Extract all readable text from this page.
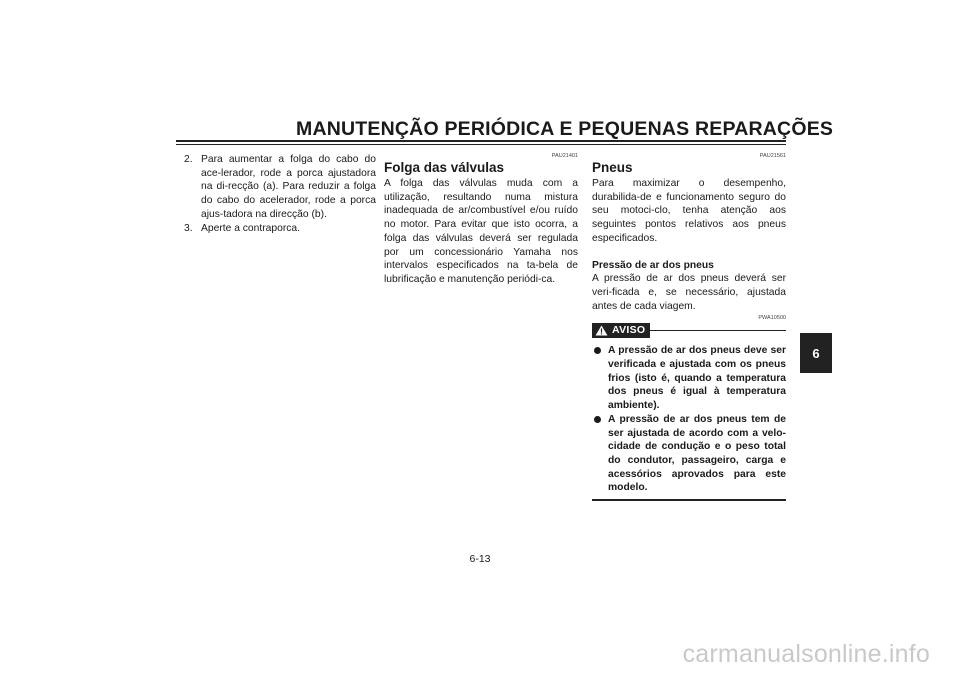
MANUTENÇÃO PERIÓDICA E PEQUENAS REPARAÇÕES
6
2. Para aumentar a folga do cabo do ace-lerador, rode a porca ajustadora na di-recção (a). Para reduzir a folga do cabo do acelerador, rode a porca ajus-tadora na direcção (b).
3. Aperte a contraporca.
PAU21401
Folga das válvulas

A folga das válvulas muda com a utilização, resultando numa mistura inadequada de ar/combustível e/ou ruído no motor. Para evitar que isto ocorra, a folga das válvulas deverá ser regulada por um concessionário Yamaha nos intervalos especificados na ta-bela de lubrificação e manutenção periódi-ca.

PAU21561
Pneus

Para maximizar o desempenho, durabilida-de e funcionamento seguro do seu motoci-clo, tenha atenção aos seguintes pontos relativos aos pneus especificados.

Pressão de ar dos pneus

A pressão de ar dos pneus deverá ser veri-ficada e, se necessário, ajustada antes de cada viagem.

PWA10500
AVISO
A pressão de ar dos pneus deve ser verificada e ajustada com os pneus frios (isto é, quando a temperatura dos pneus é igual à temperatura ambiente).
A pressão de ar dos pneus tem de ser ajustada de acordo com a velo-cidade de condução e o peso total do condutor, passageiro, carga e acessórios aprovados para este modelo.
6-13
carmanualsonline.info
